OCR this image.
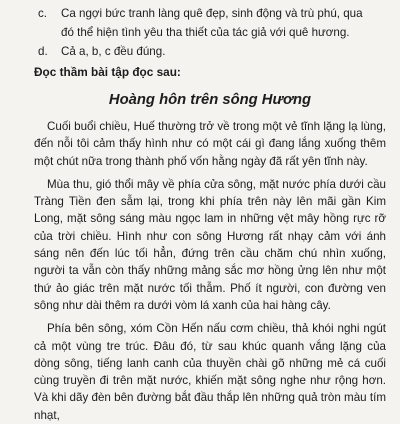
c. Ca ngợi bức tranh làng quê đẹp, sinh động và trù phú, qua đó thể hiện tình yêu tha thiết của tác giả với quê hương.

d. Cả a, b, c đều đúng.

Đọc thầm bài tập đọc sau:

Hoàng hôn trên sông Hương

Cuối buổi chiều, Huế thường trở về trong một vẻ tĩnh lặng lạ lùng, đến nỗi tôi cảm thấy hình như có một cái gì đang lắng xuống thêm một chút nữa trong thành phố vốn hằng ngày đã rất yên tĩnh này.

Mùa thu, gió thổi mây về phía cửa sông, mặt nước phía dưới cầu Tràng Tiền đen sẫm lại, trong khi phía trên này lên mãi gần Kim Long, mặt sông sáng màu ngọc lam in những vệt mây hồng rực rỡ của trời chiều. Hình như con sông Hương rất nhạy cảm với ánh sáng nên đến lúc tối hẳn, đứng trên cầu chăm chú nhìn xuống, người ta vẫn còn thấy những mảng sắc mơ hồng ửng lên như một thứ ảo giác trên mặt nước tối thẫm. Phố ít người, con đường ven sông như dài thêm ra dưới vòm lá xanh của hai hàng cây.

Phía bên sông, xóm Cồn Hến nấu cơm chiều, thả khói nghi ngút cả một vùng tre trúc. Đâu đó, từ sau khúc quanh vắng lặng của dòng sông, tiếng lanh canh của thuyền chài gõ những mẻ cá cuối cùng truyền đi trên mặt nước, khiến mặt sông nghe như rộng hơn. Và khi dãy đèn bên đường bắt đầu thắp lên những quả tròn màu tím nhạt,
